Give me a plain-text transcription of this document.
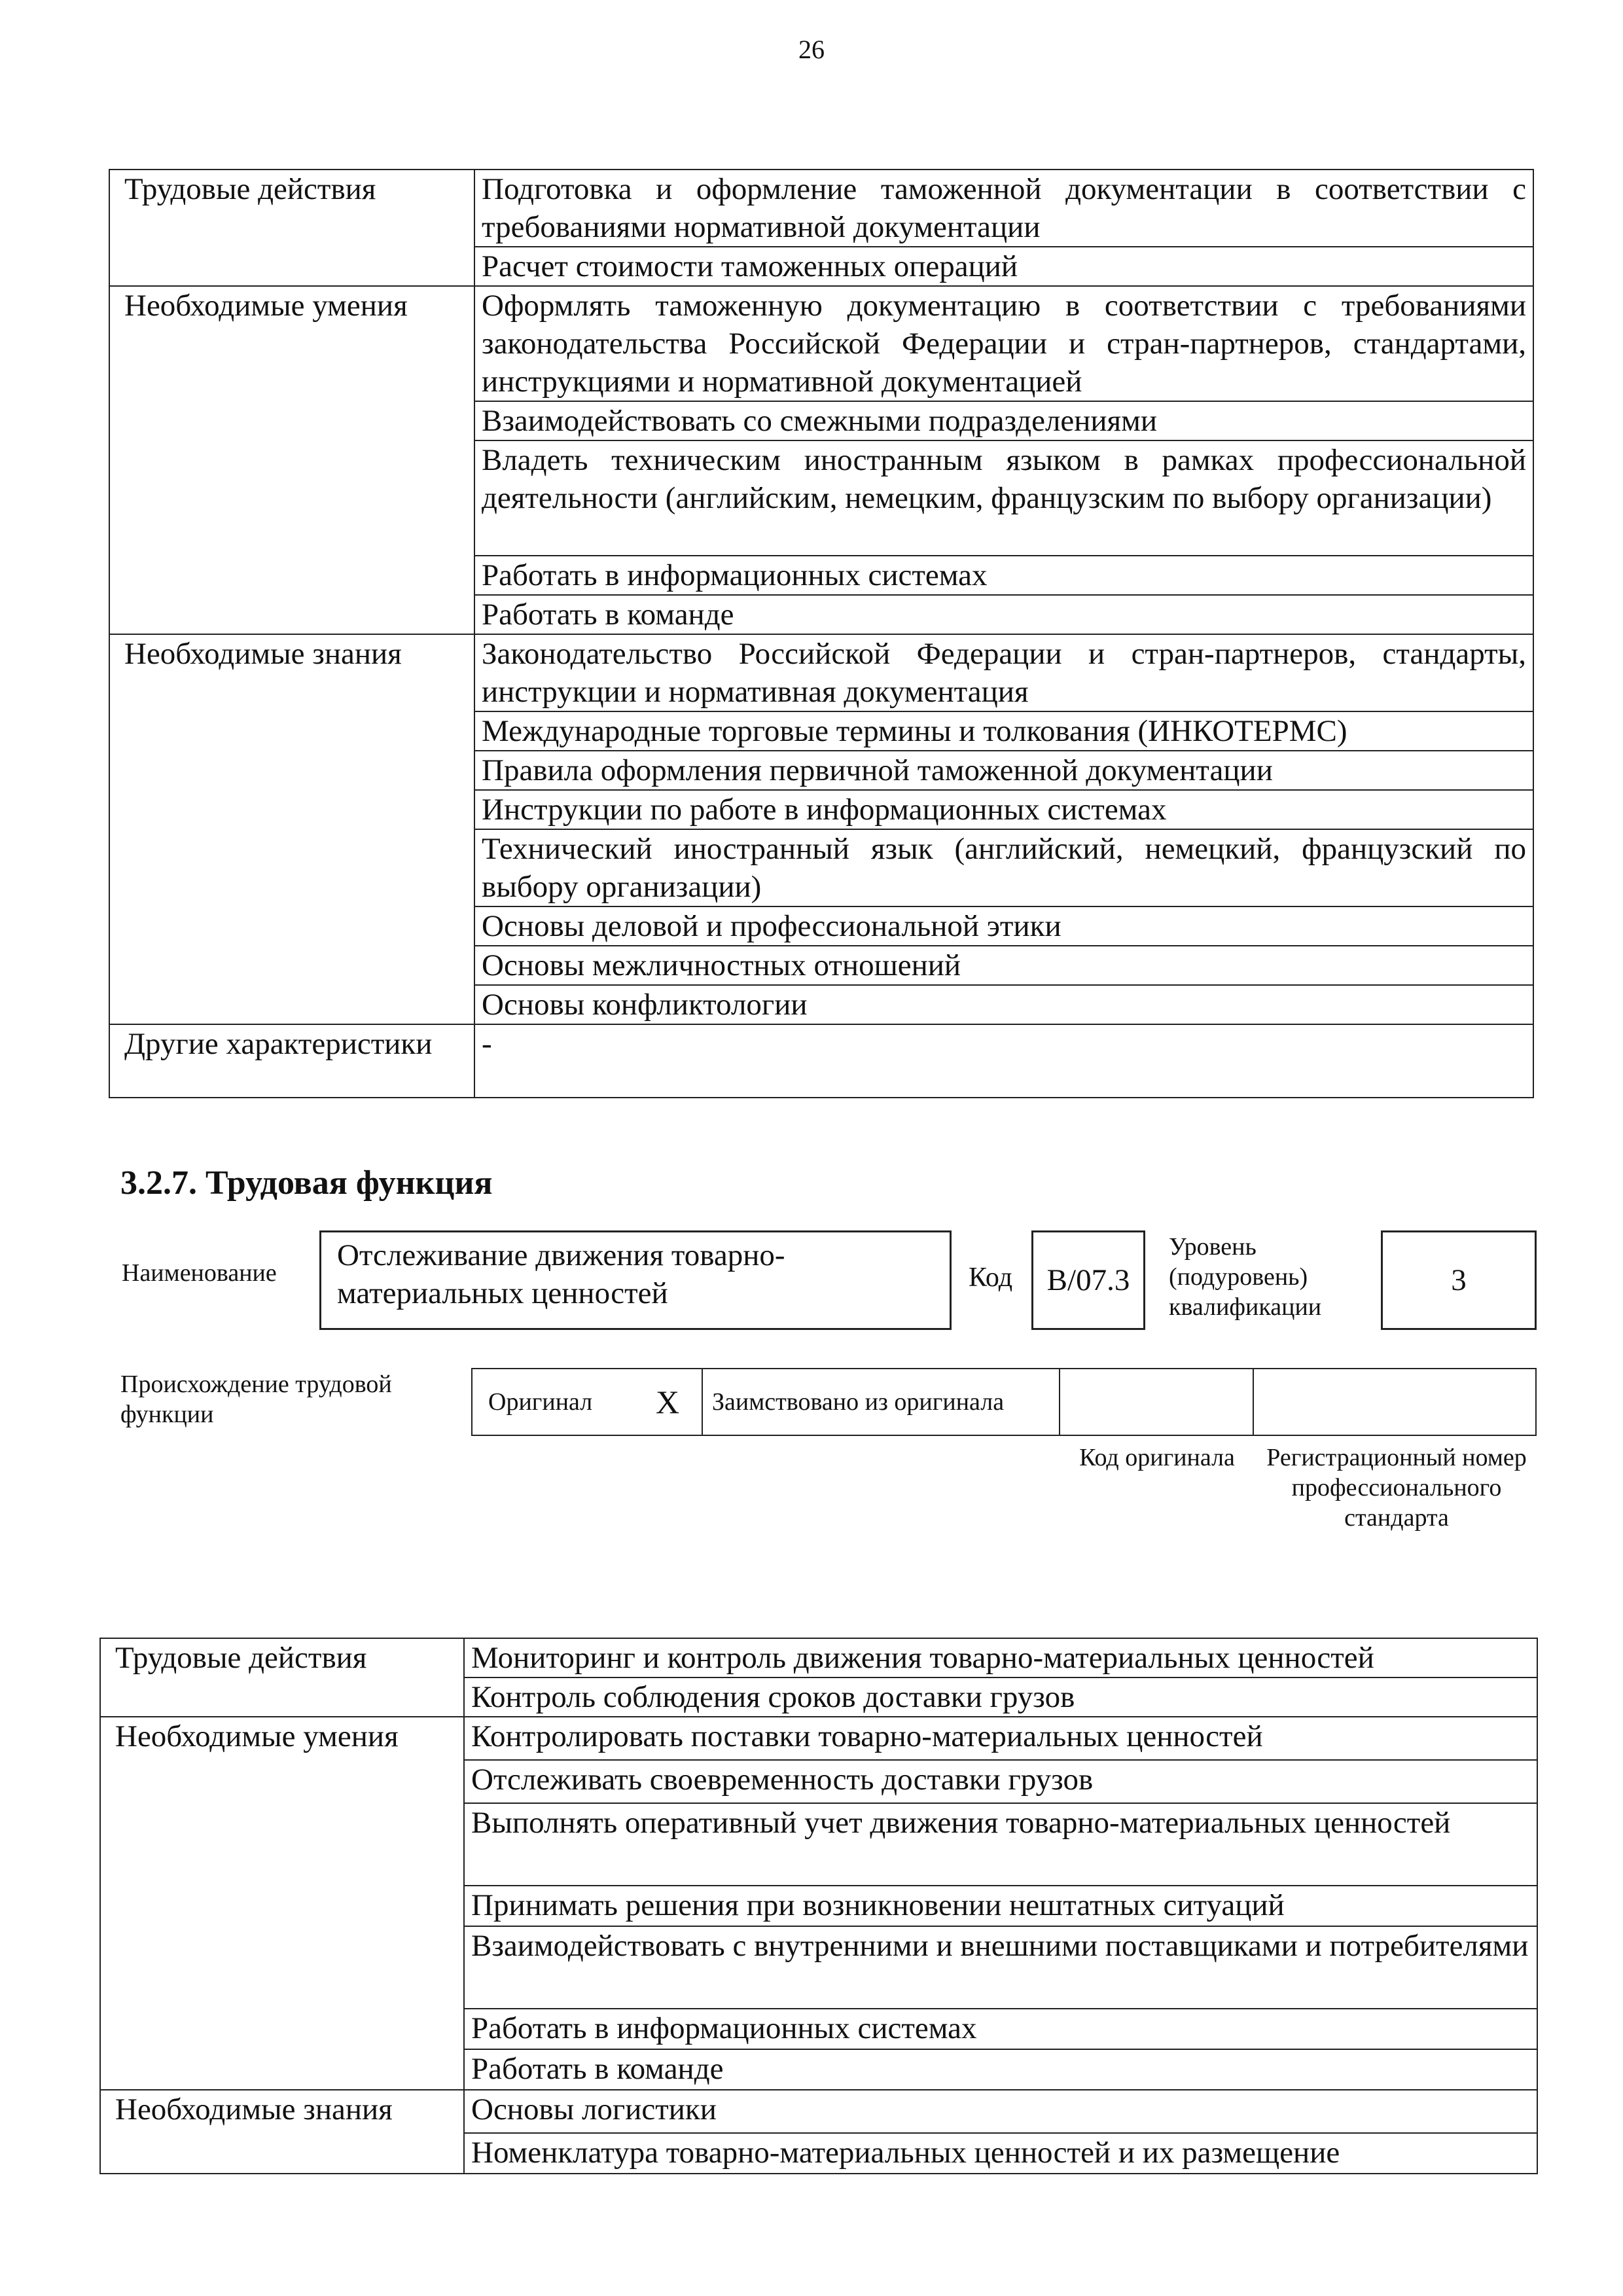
26
Трудовые действия	Подготовка и оформление таможенной документации в соответствии с требованиями нормативной документации
	Расчет стоимости таможенных операций
Необходимые умения	Оформлять таможенную документацию в соответствии с требованиями законодательства Российской Федерации и стран-партнеров, стандартами, инструкциями и нормативной документацией
	Взаимодействовать со смежными подразделениями
	Владеть техническим иностранным языком в рамках профессиональной деятельности (английским, немецким, французским по выбору организации)
	Работать в информационных системах
	Работать в команде
Необходимые знания	Законодательство Российской Федерации и стран-партнеров, стандарты, инструкции и нормативная документация
	Международные торговые термины и толкования (ИНКОТЕРМС)
	Правила оформления первичной таможенной документации
	Инструкции по работе в информационных системах
	Технический иностранный язык (английский, немецкий, французский по выбору организации)
	Основы деловой и профессиональной этики
	Основы межличностных отношений
	Основы конфликтологии
Другие характеристики	-
3.2.7. Трудовая функция
Наименование
Отслеживание движения товарно-материальных ценностей	Код	B/07.3
Уровень (подуровень) квалификации
3
Происхождение трудовой функции	Оригинал X Заимствовано из оригинала
Код оригинала	Регистрационный номер профессионального стандарта
Трудовые действия	Мониторинг и контроль движения товарно-материальных ценностей
	Контроль соблюдения сроков доставки грузов
Необходимые умения	Контролировать поставки товарно-материальных ценностей
	Отслеживать своевременность доставки грузов
	Выполнять оперативный учет движения товарно-материальных ценностей
	Принимать решения при возникновении нештатных ситуаций
	Взаимодействовать с внутренними и внешними поставщиками и потребителями
	Работать в информационных системах
	Работать в команде
Необходимые знания	Основы логистики
	Номенклатура товарно-материальных ценностей и их размещение
